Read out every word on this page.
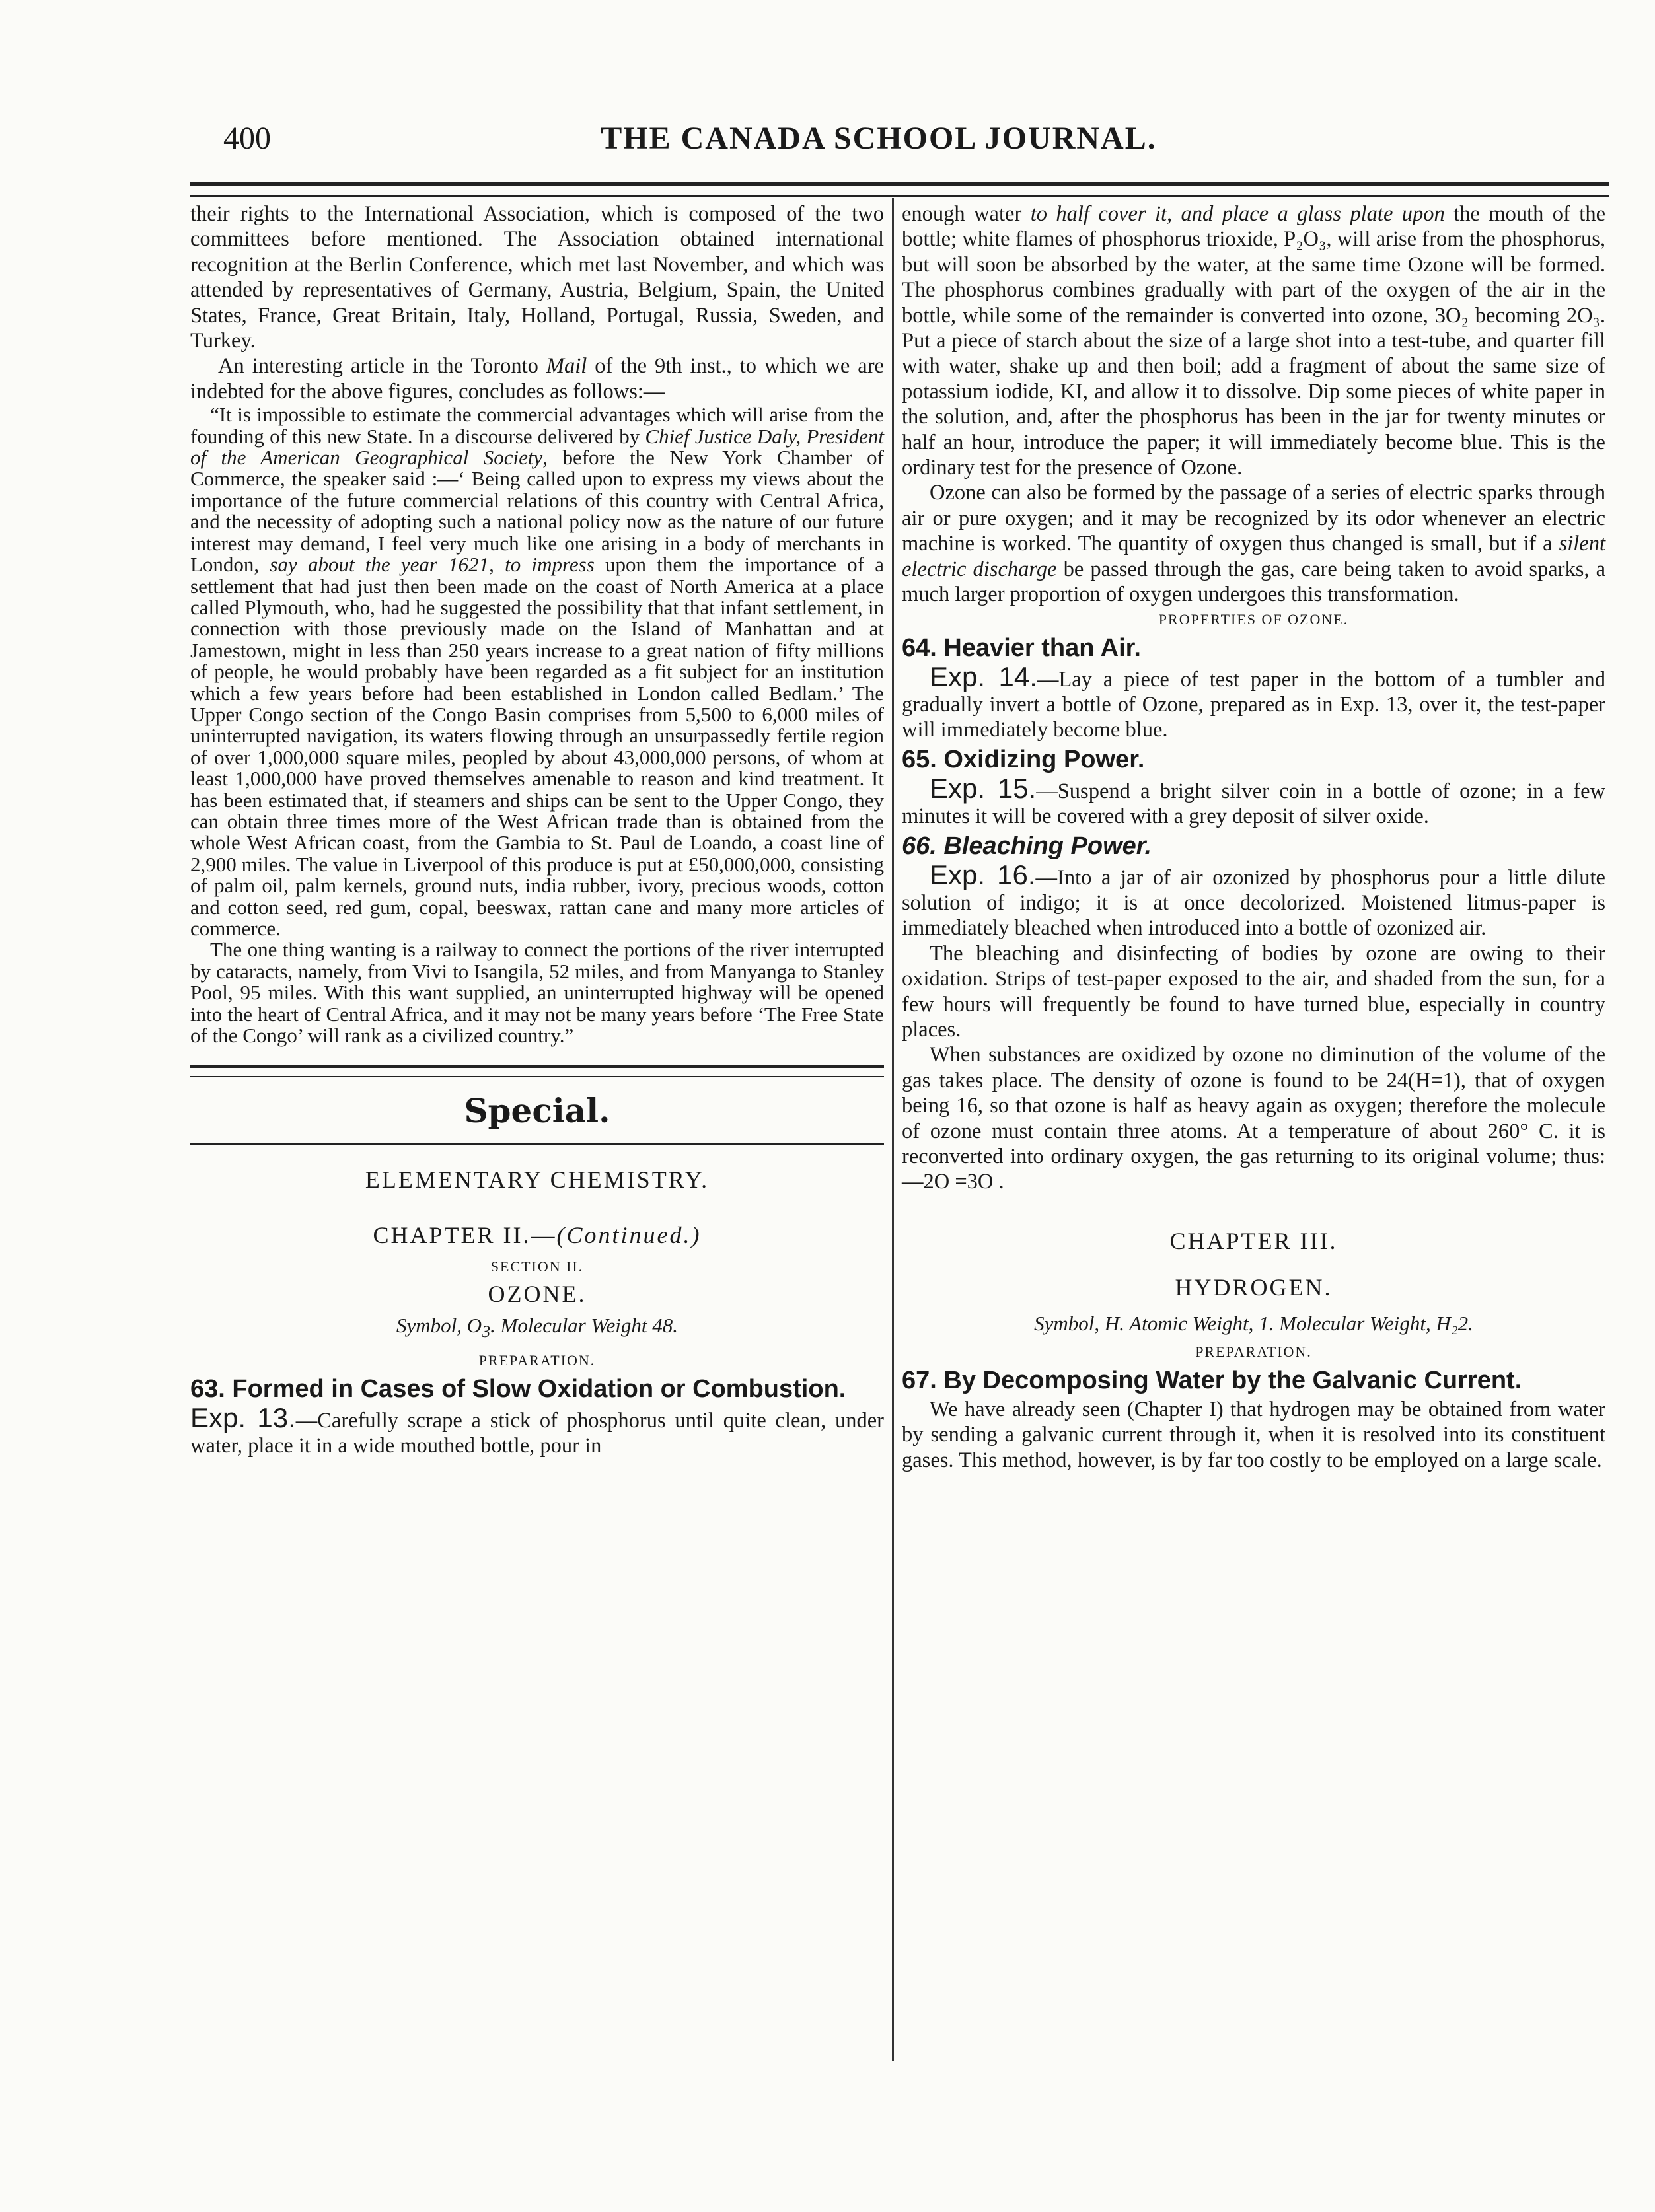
400	THE CANADA SCHOOL JOURNAL.

their rights to the International Association, which is composed of the two committees before mentioned. The Association obtained international recognition at the Berlin Conference, which met last November, and which was attended by representatives of Germany, Austria, Belgium, Spain, the United States, France, Great Britain, Italy, Holland, Portugal, Russia, Sweden, and Turkey.

An interesting article in the Toronto Mail of the 9th inst., to which we are indebted for the above figures, concludes as follows:—

“It is impossible to estimate the commercial advantages which will arise from the founding of this new State. In a discourse delivered by Chief Justice Daly, President of the American Geographical Society, before the New York Chamber of Commerce, the speaker said :—‘ Being called upon to express my views about the importance of the future commercial relations of this country with Central Africa, and the necessity of adopting such a national policy now as the nature of our future interest may demand, I feel very much like one arising in a body of merchants in London, say about the year 1621, to impress upon them the importance of a settlement that had just then been made on the coast of North America at a place called Plymouth, who, had he suggested the possibility that that infant settlement, in connection with those previously made on the Island of Manhattan and at Jamestown, might in less than 250 years increase to a great nation of fifty millions of people, he would probably have been regarded as a fit subject for an institution which a few years before had been established in London called Bedlam.’ The Upper Congo section of the Congo Basin comprises from 5,500 to 6,000 miles of uninterrupted navigation, its waters flowing through an unsurpassedly fertile region of over 1,000,000 square miles, peopled by about 43,000,000 persons, of whom at least 1,000,000 have proved themselves amenable to reason and kind treatment. It has been estimated that, if steamers and ships can be sent to the Upper Congo, they can obtain three times more of the West African trade than is obtained from the whole West African coast, from the Gambia to St. Paul de Loando, a coast line of 2,900 miles. The value in Liverpool of this produce is put at £50,000,000, consisting of palm oil, palm kernels, ground nuts, india rubber, ivory, precious woods, cotton and cotton seed, red gum, copal, beeswax, rattan cane and many more articles of commerce.

The one thing wanting is a railway to connect the portions of the river interrupted by cataracts, namely, from Vivi to Isangila, 52 miles, and from Manyanga to Stanley Pool, 95 miles. With this want supplied, an uninterrupted highway will be opened into the heart of Central Africa, and it may not be many years before ‘The Free State of the Congo’ will rank as a civilized country.”

Special.

ELEMENTARY CHEMISTRY.

CHAPTER II.—(Continued.)

SECTION II.

OZONE.

Symbol, $O_3$. Molecular Weight 48.

PREPARATION.

63. Formed in Cases of Slow Oxidation or Combustion.

Exp. 13.—Carefully scrape a stick of phosphorus until quite clean, under water, place it in a wide mouthed bottle, pour in

enough water to half cover it, and place a glass plate upon the mouth of the bottle; white flames of phosphorus trioxide, P₂O₃, will arise from the phosphorus, but will soon be absorbed by the water, at the same time Ozone will be formed. The phosphorus combines gradually with part of the oxygen of the air in the bottle, while some of the remainder is converted into ozone, 3O₂ becoming 2O₃. Put a piece of starch about the size of a large shot into a test-tube, and quarter fill with water, shake up and then boil; add a fragment of about the same size of potassium iodide, KI, and allow it to dissolve. Dip some pieces of white paper in the solution, and, after the phosphorus has been in the jar for twenty minutes or half an hour, introduce the paper; it will immediately become blue. This is the ordinary test for the presence of Ozone.

Ozone can also be formed by the passage of a series of electric sparks through air or pure oxygen; and it may be recognized by its odor whenever an electric machine is worked. The quantity of oxygen thus changed is small, but if a silent electric discharge be passed through the gas, care being taken to avoid sparks, a much larger proportion of oxygen undergoes this transformation.

PROPERTIES OF OZONE.

64. Heavier than Air.

Exp. 14.—Lay a piece of test paper in the bottom of a tumbler and gradually invert a bottle of Ozone, prepared as in Exp. 13, over it, the test-paper will immediately become blue.

65. Oxidizing Power.

Exp. 15.—Suspend a bright silver coin in a bottle of ozone; in a few minutes it will be covered with a grey deposit of silver oxide.

66. Bleaching Power.

Exp. 16.—Into a jar of air ozonized by phosphorus pour a little dilute solution of indigo; it is at once decolorized. Moistened litmus-paper is immediately bleached when introduced into a bottle of ozonized air.

The bleaching and disinfecting of bodies by ozone are owing to their oxidation. Strips of test-paper exposed to the air, and shaded from the sun, for a few hours will frequently be found to have turned blue, especially in country places.

When substances are oxidized by ozone no diminution of the volume of the gas takes place. The density of ozone is found to be 24(H=1), that of oxygen being 16, so that ozone is half as heavy again as oxygen; therefore the molecule of ozone must contain three atoms. At a temperature of about 260° C. it is reconverted into ordinary oxygen, the gas returning to its original volume; thus:—2O =3O .

CHAPTER III.

HYDROGEN.

Symbol, H. Atomic Weight, 1. Molecular Weight, H₂2.

PREPARATION.

67. By Decomposing Water by the Galvanic Current.

We have already seen (Chapter I) that hydrogen may be obtained from water by sending a galvanic current through it, when it is resolved into its constituent gases. This method, however, is by far too costly to be employed on a large scale.
